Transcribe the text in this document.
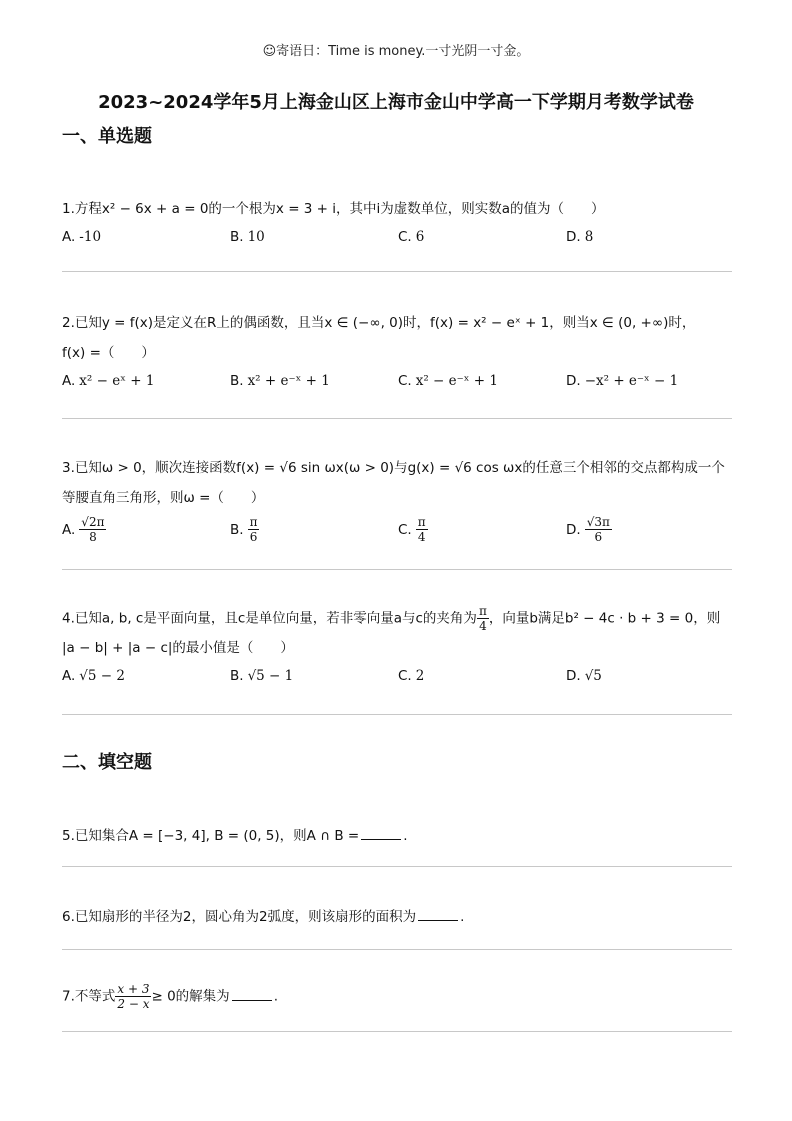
☺寄语日：Time is money.一寸光阴一寸金。
2023~2024学年5月上海金山区上海市金山中学高一下学期月考数学试卷
一、单选题
1.方程x² − 6x + a = 0的一个根为x = 3 + i，其中i为虚数单位，则实数a的值为（　　）
A. -10	B. 10	C. 6	D. 8
2.已知y = f(x)是定义在R上的偶函数，且当x ∈ (−∞, 0)时，f(x) = x² − eˣ + 1，则当x ∈ (0, +∞)时，
f(x) =（　　）
A. x² − eˣ + 1	B. x² + e⁻ˣ + 1	C. x² − e⁻ˣ + 1	D. −x² + e⁻ˣ − 1
3.已知ω > 0，顺次连接函数f(x) = √6 sin ωx(ω > 0)与g(x) = √6 cos ωx的任意三个相邻的交点都构成一个
等腰直角三角形，则ω =（　　）
A. $\frac{√2\pi}{8}$	B. $\frac{\pi}{6}$	C. $\frac{\pi}{4}$	D. $\frac{√3\pi}{6}$
4.已知a, b, c是平面向量，且c是单位向量，若非零向量a与c的夹角为 $\frac{\pi}{4}$ ，向量b满足b² − 4c · b + 3 = 0，则
|a − b| + |a − c|的最小值是（　　）
A. √5 − 2	B. √5 − 1	C. 2	D. √5
二、填空题
5.已知集合A = [−3, 4], B = (0, 5)，则A ∩ B =	.
6.已知扇形的半径为2，圆心角为2弧度，则该扇形的面积为	.
7.不等式 $\frac{x + 3}{2 - x} \ge 0$的解集为	.
